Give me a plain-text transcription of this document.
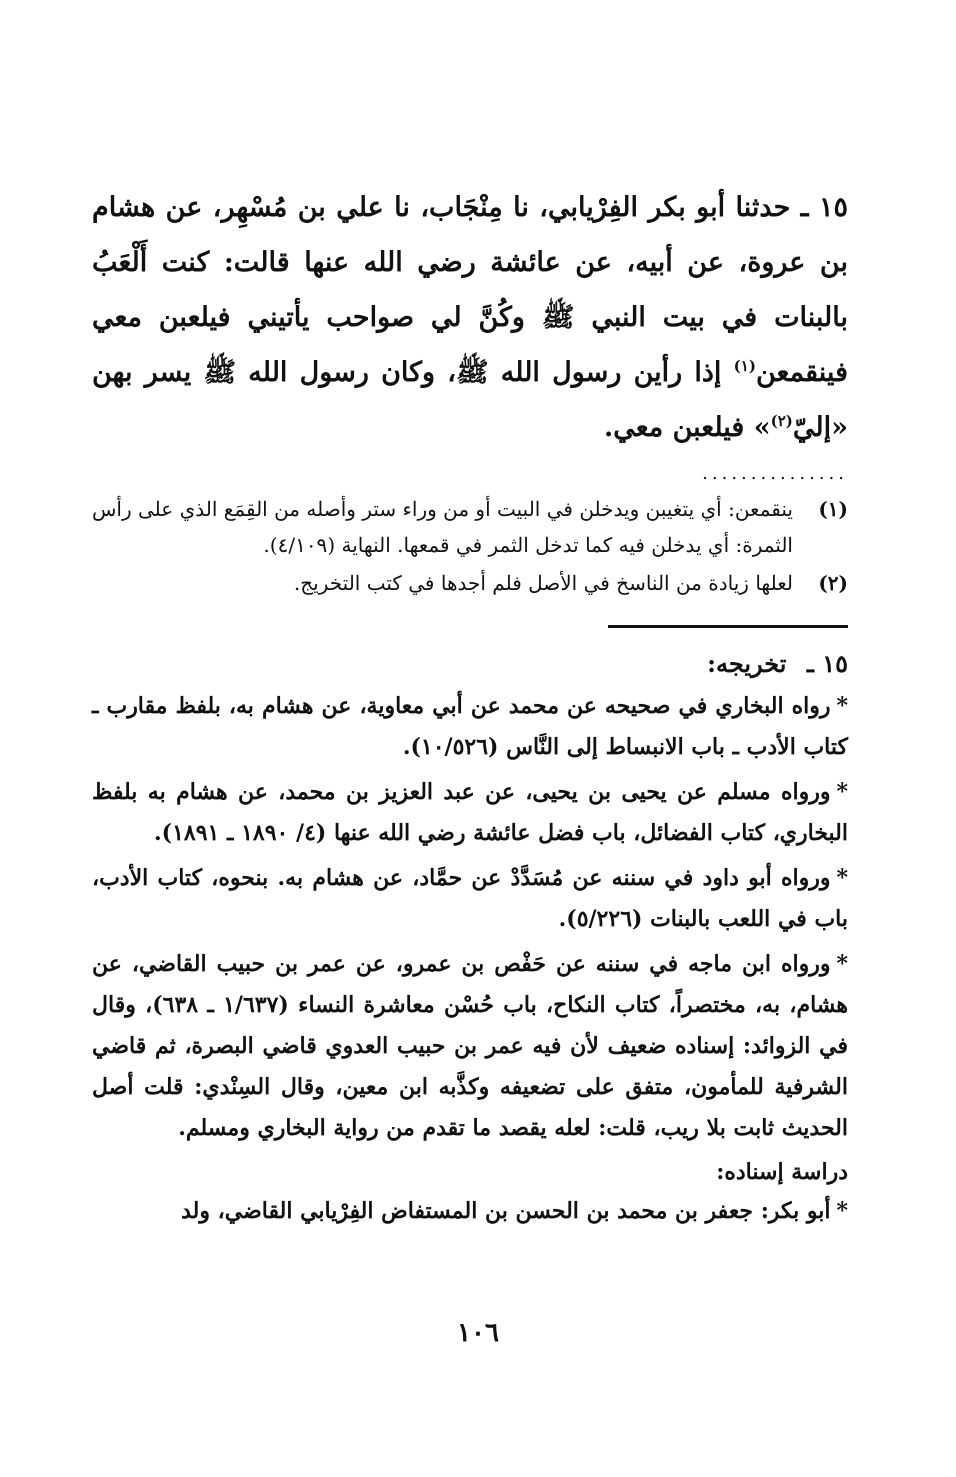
١٥ ـ حدثنا أبو بكر الفِرْيابي، نا مِنْجَاب، نا علي بن مُسْهِر، عن هشام بن عروة، عن أبيه، عن عائشة رضي الله عنها قالت: كنت أَلْعَبُ بالبنات في بيت النبي ﷺ وكُنَّ لي صواحب يأتيني فيلعبن معي فينقمعن$^{(١)}$ إذا رأين رسول الله ﷺ، وكان رسول الله ﷺ يسر بهن «إليّ$^{(٢)}$» فيلعبن معي.

...............
(١)
ينقمعن: أي يتغيبن ويدخلن في البيت أو من وراء ستر وأصله من القِمَع الذي على رأس الثمرة: أي يدخلن فيه كما تدخل الثمر في قمعها. النهاية (٤/١٠٩).
(٢)
لعلها زيادة من الناسخ في الأصل فلم أجدها في كتب التخريج.
١٥ ـ تخريجه:

*رواه البخاري في صحيحه عن محمد عن أبي معاوية، عن هشام به، بلفظ مقارب ـ كتاب الأدب ـ باب الانبساط إلى النَّاس (١٠/٥٢٦).

*ورواه مسلم عن يحيى بن يحيى، عن عبد العزيز بن محمد، عن هشام به بلفظ البخاري، كتاب الفضائل، باب فضل عائشة رضي الله عنها (٤/ ١٨٩٠ ـ ١٨٩١).

*ورواه أبو داود في سننه عن مُسَدَّدْ عن حمَّاد، عن هشام به. بنحوه، كتاب الأدب، باب في اللعب بالبنات (٥/٢٢٦).

*ورواه ابن ماجه في سننه عن حَفْص بن عمرو، عن عمر بن حبيب القاضي، عن هشام، به، مختصراً، كتاب النكاح، باب حُسْن معاشرة النساء (١/٦٣٧ ـ ٦٣٨)، وقال في الزوائد: إسناده ضعيف لأن فيه عمر بن حبيب العدوي قاضي البصرة، ثم قاضي الشرفية للمأمون، متفق على تضعيفه وكذَّبه ابن معين، وقال السِنْدي: قلت أصل الحديث ثابت بلا ريب، قلت: لعله يقصد ما تقدم من رواية البخاري ومسلم.

دراسة إسناده:

*أبو بكر: جعفر بن محمد بن الحسن بن المستفاض الفِرْيابي القاضي، ولد

١٠٦
